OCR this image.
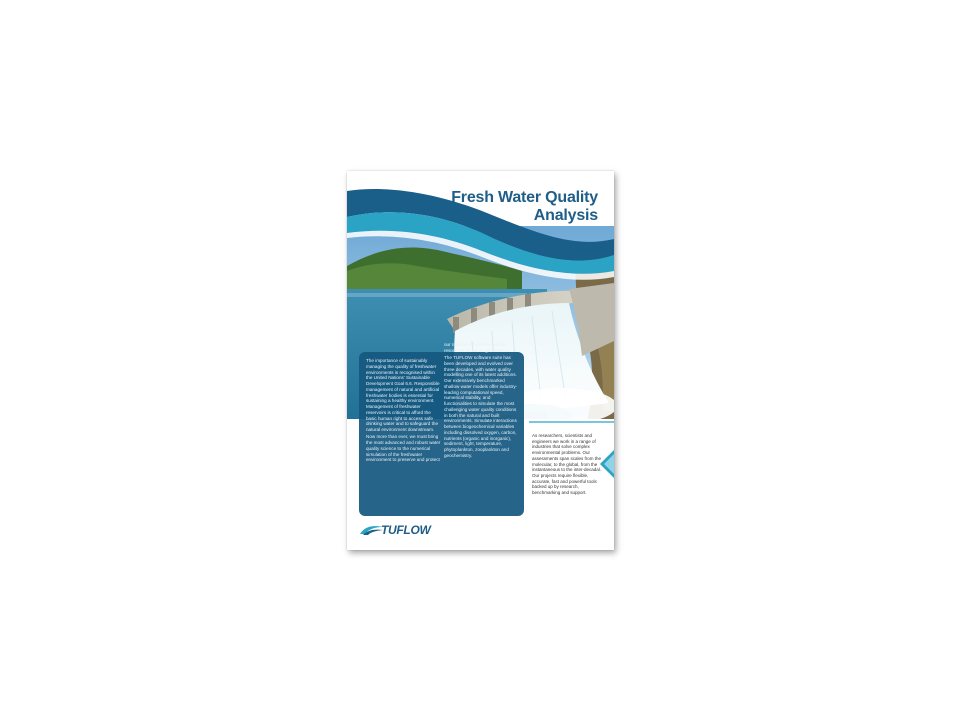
Fresh Water Quality
Analysis

The importance of sustainably managing the quality of freshwater environments is recognised within the United Nations' Sustainable Development Goal 6.6. Responsible management of natural and artificial freshwater bodies is essential for sustaining a healthy environment. Management of freshwater reservoirs is critical to afford the basic human right to access safe drinking water and to safeguard the natural environment downstream.

Now more than ever, we must bring the most advanced and robust water quality science to the numerical simulation of the freshwater environment to preserve and protect

our natural and artificial aquatic resources for future generations.

The TUFLOW software suite has been developed and evolved over three decades, with water quality modelling one of its latest additions. Our extensively benchmarked shallow water models offer industry-leading computational speed, numerical stability, and functionalities to simulate the most challenging water quality conditions in both the natural and built environments. Simulate interactions between biogeochemical variables including dissolved oxygen, carbon, nutrients (organic and inorganic), sediment, light, temperature, phytoplankton, zooplankton and geochemistry.

As researchers, scientists and engineers we work in a range of industries that solve complex environmental problems. Our assessments span scales from the molecular, to the global, from the instantaneous to the inter-decadal. Our projects require flexible, accurate, fast and powerful tools backed up by research, benchmarking and support.

TUFLOW
